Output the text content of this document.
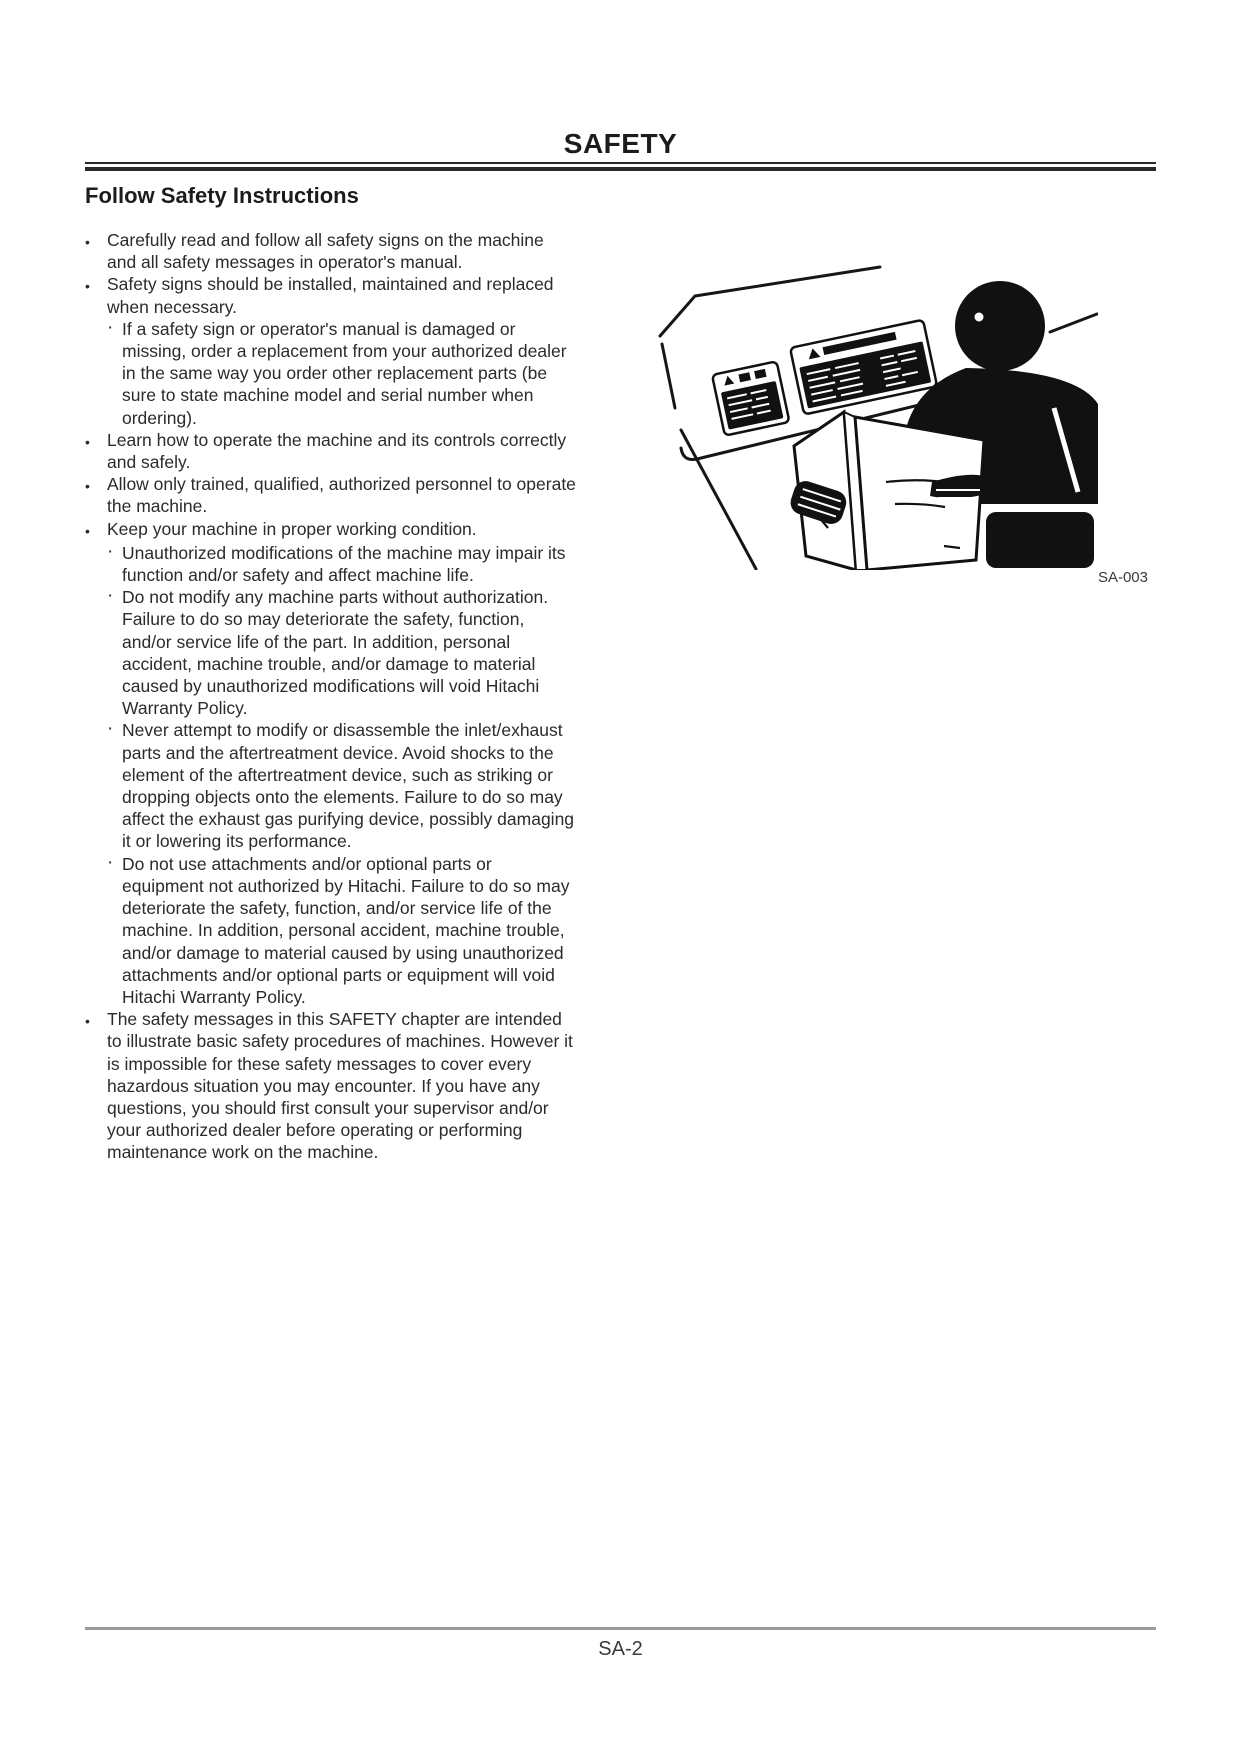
SAFETY
Follow Safety Instructions
• Carefully read and follow all safety signs on the machine and all safety messages in operator's manual.
• Safety signs should be installed, maintained and replaced when necessary.
· If a safety sign or operator's manual is damaged or missing, order a replacement from your authorized dealer in the same way you order other replacement parts (be sure to state machine model and serial number when ordering).
• Learn how to operate the machine and its controls correctly and safely.
• Allow only trained, qualified, authorized personnel to operate the machine.
• Keep your machine in proper working condition.
· Unauthorized modifications of the machine may impair its function and/or safety and affect machine life.
· Do not modify any machine parts without authorization. Failure to do so may deteriorate the safety, function, and/or service life of the part. In addition, personal accident, machine trouble, and/or damage to material caused by unauthorized modifications will void Hitachi Warranty Policy.
· Never attempt to modify or disassemble the inlet/exhaust parts and the aftertreatment device. Avoid shocks to the element of the aftertreatment device, such as striking or dropping objects onto the elements. Failure to do so may affect the exhaust gas purifying device, possibly damaging it or lowering its performance.
· Do not use attachments and/or optional parts or equipment not authorized by Hitachi. Failure to do so may deteriorate the safety, function, and/or service life of the machine. In addition, personal accident, machine trouble, and/or damage to material caused by using unauthorized attachments and/or optional parts or equipment will void Hitachi Warranty Policy.
• The safety messages in this SAFETY chapter are intended to illustrate basic safety procedures of machines. However it is impossible for these safety messages to cover every hazardous situation you may encounter. If you have any questions, you should first consult your supervisor and/or your authorized dealer before operating or performing maintenance work on the machine.
SA-003
SA-2
